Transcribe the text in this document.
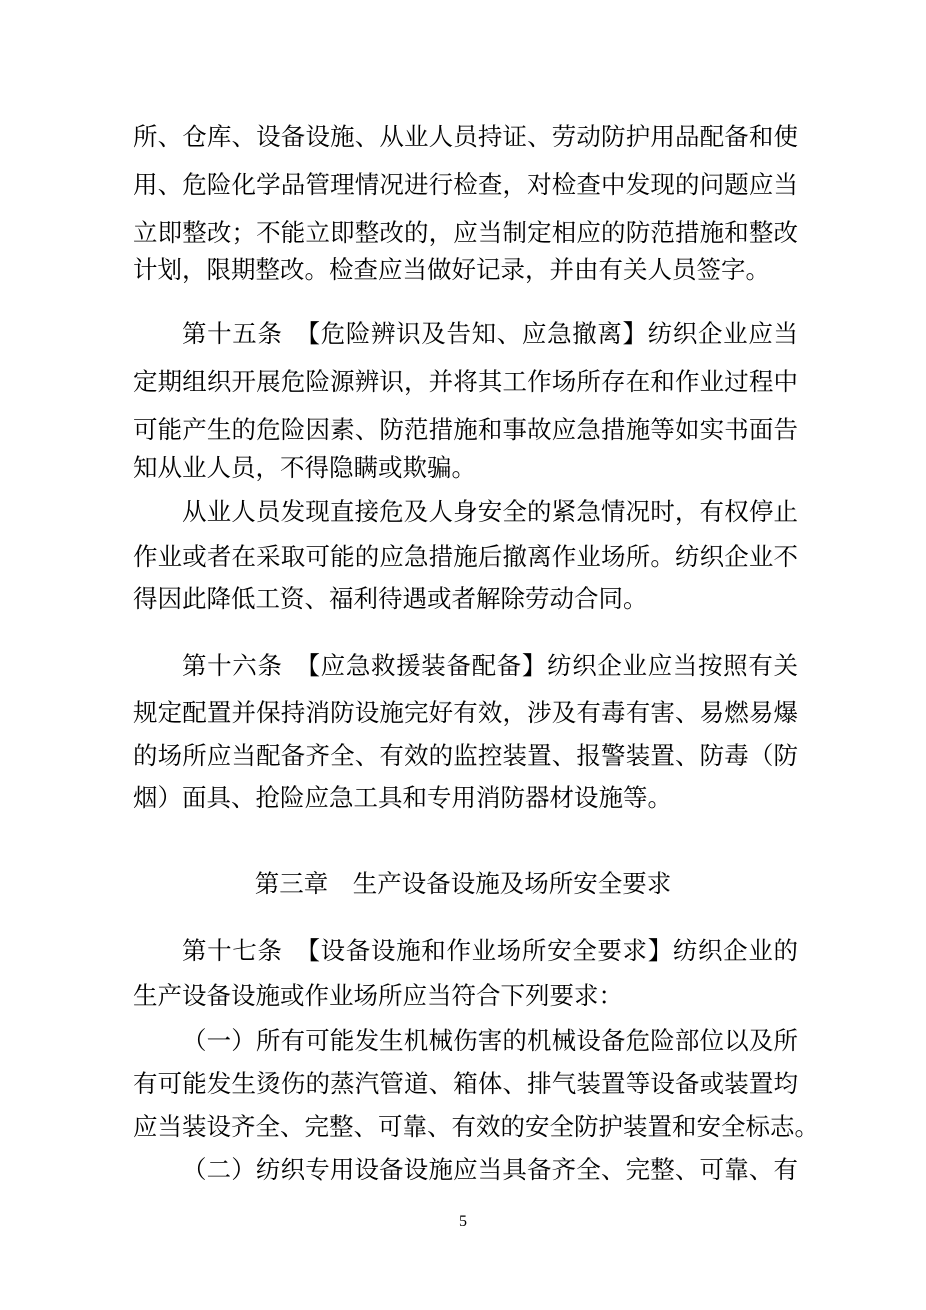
所、仓库、设备设施、从业人员持证、劳动防护用品配备和使
用、危险化学品管理情况进行检查，对检查中发现的问题应当
立即整改；不能立即整改的，应当制定相应的防范措施和整改
计划，限期整改。检查应当做好记录，并由有关人员签字。
第十五条　【危险辨识及告知、应急撤离】纺织企业应当
定期组织开展危险源辨识，并将其工作场所存在和作业过程中
可能产生的危险因素、防范措施和事故应急措施等如实书面告
知从业人员，不得隐瞒或欺骗。
从业人员发现直接危及人身安全的紧急情况时，有权停止
作业或者在采取可能的应急措施后撤离作业场所。纺织企业不
得因此降低工资、福利待遇或者解除劳动合同。
第十六条　【应急救援装备配备】纺织企业应当按照有关
规定配置并保持消防设施完好有效，涉及有毒有害、易燃易爆
的场所应当配备齐全、有效的监控装置、报警装置、防毒（防
烟）面具、抢险应急工具和专用消防器材设施等。
第三章　生产设备设施及场所安全要求
第十七条　【设备设施和作业场所安全要求】纺织企业的
生产设备设施或作业场所应当符合下列要求：
（一）所有可能发生机械伤害的机械设备危险部位以及所
有可能发生烫伤的蒸汽管道、箱体、排气装置等设备或装置均
应当装设齐全、完整、可靠、有效的安全防护装置和安全标志。
（二）纺织专用设备设施应当具备齐全、完整、可靠、有
5
